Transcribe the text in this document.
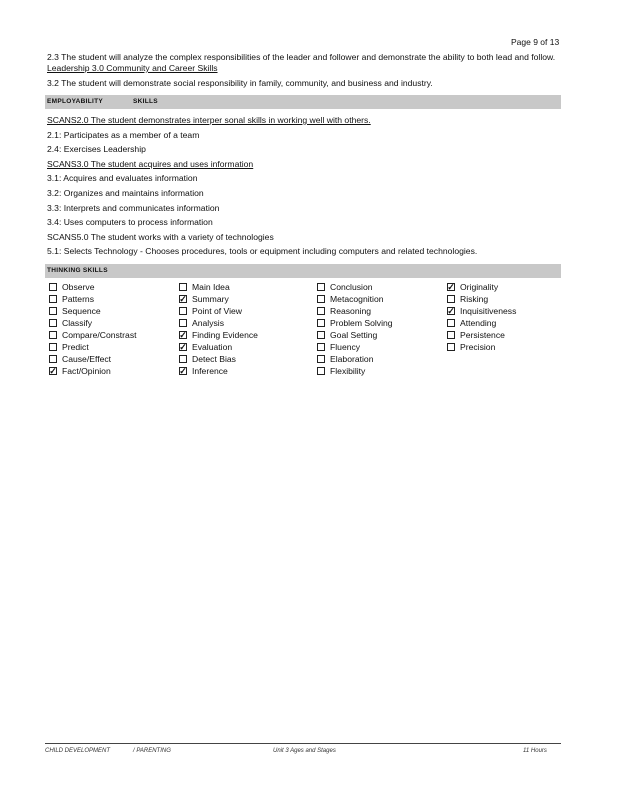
Page 9 of 13

2.3 The student will analyze the complex responsibilities of the leader and follower and demonstrate the ability to both lead and follow.

Leadership 3.0 Community and Career Skills

3.2 The student will demonstrate social responsibility in family, community, and business and industry.

EMPLOYABILITY	SKILLS

SCANS2.0 The student demonstrates interper sonal skills in working well with others.

2.1: Participates as a member of a team

2.4: Exercises Leadership

SCANS3.0 The student acquires and uses information

3.1: Acquires and evaluates information

3.2: Organizes and maintains information

3.3: Interprets and communicates information

3.4: Uses computers to process information

SCANS5.0 The student works with a variety of technologies

5.1: Selects Technology - Chooses procedures, tools or equipment including computers and related technologies.

THINKING SKILLS
Observe
Patterns
Sequence
Classify
Compare/Constrast
Predict
Cause/Effect
✓ Fact/Opinion
Main Idea
✓ Summary
Point of View
Analysis
✓ Finding Evidence
✓ Evaluation
Detect Bias
✓ Inference
Conclusion
Metacognition
Reasoning
Problem Solving
Goal Setting
Fluency
Elaboration
Flexibility
✓ Originality
Risking
✓ Inquisitiveness
Attending
Persistence
Precision
CHILD DEVELOPMENT	/ PARENTING	Unit 3 Ages and Stages	11 Hours
